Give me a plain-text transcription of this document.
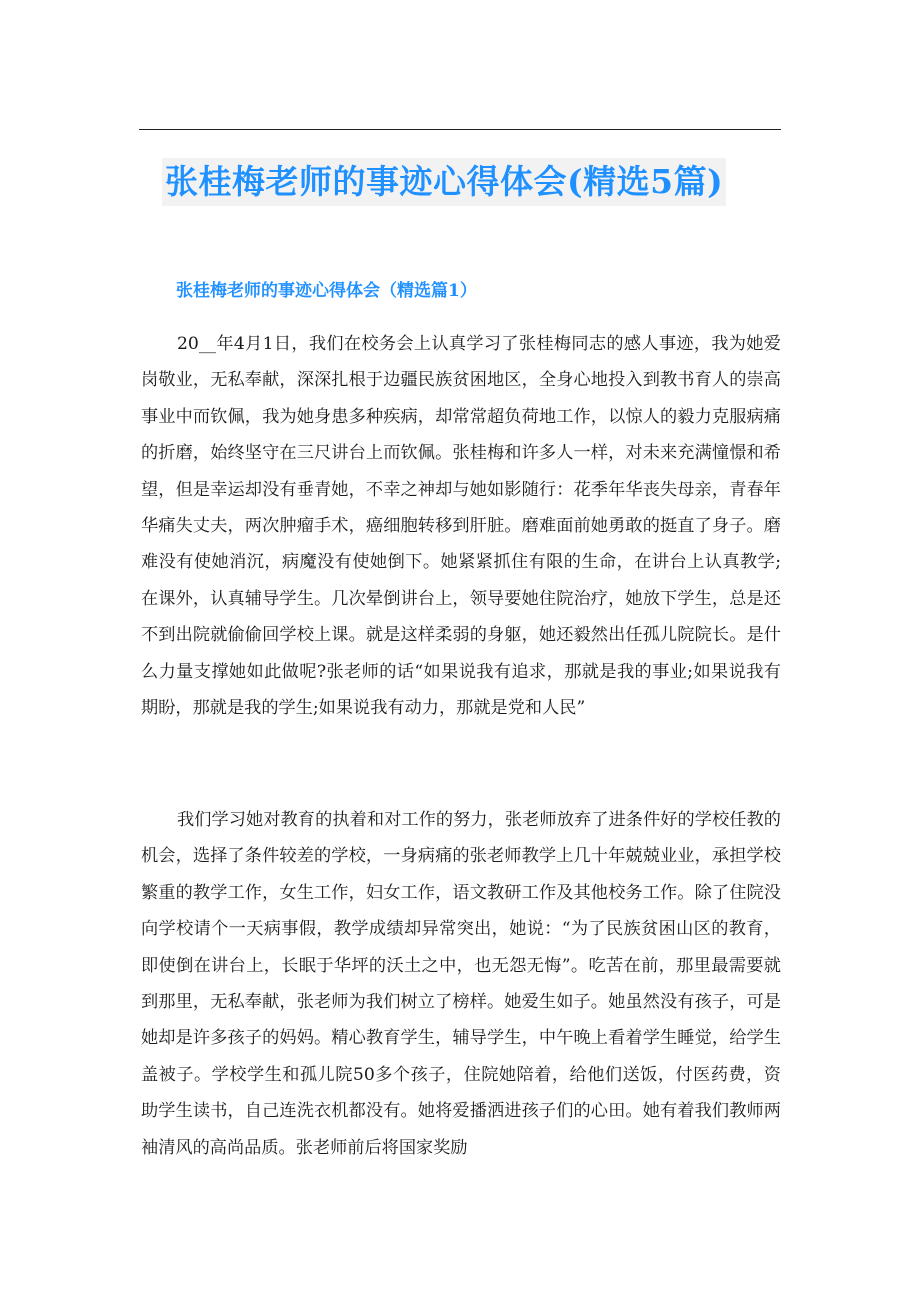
张桂梅老师的事迹心得体会(精选5篇)
张桂梅老师的事迹心得体会（精选篇1）

20__年4月1日，我们在校务会上认真学习了张桂梅同志的感人事迹，我为她爱岗敬业，无私奉献，深深扎根于边疆民族贫困地区，全身心地投入到教书育人的崇高事业中而钦佩，我为她身患多种疾病，却常常超负荷地工作，以惊人的毅力克服病痛的折磨，始终坚守在三尺讲台上而钦佩。张桂梅和许多人一样，对未来充满憧憬和希望，但是幸运却没有垂青她，不幸之神却与她如影随行：花季年华丧失母亲，青春年华痛失丈夫，两次肿瘤手术，癌细胞转移到肝脏。磨难面前她勇敢的挺直了身子。磨难没有使她消沉，病魔没有使她倒下。她紧紧抓住有限的生命，在讲台上认真教学;在课外，认真辅导学生。几次晕倒讲台上，领导要她住院治疗，她放下学生，总是还不到出院就偷偷回学校上课。就是这样柔弱的身躯，她还毅然出任孤儿院院长。是什么力量支撑她如此做呢?张老师的话“如果说我有追求，那就是我的事业;如果说我有期盼，那就是我的学生;如果说我有动力，那就是党和人民”

我们学习她对教育的执着和对工作的努力，张老师放弃了进条件好的学校任教的机会，选择了条件较差的学校，一身病痛的张老师教学上几十年兢兢业业，承担学校繁重的教学工作，女生工作，妇女工作，语文教研工作及其他校务工作。除了住院没向学校请个一天病事假，教学成绩却异常突出，她说：“为了民族贫困山区的教育，即使倒在讲台上，长眠于华坪的沃土之中，也无怨无悔”。吃苦在前，那里最需要就到那里，无私奉献，张老师为我们树立了榜样。她爱生如子。她虽然没有孩子，可是她却是许多孩子的妈妈。精心教育学生，辅导学生，中午晚上看着学生睡觉，给学生盖被子。学校学生和孤儿院50多个孩子，住院她陪着，给他们送饭，付医药费，资助学生读书，自己连洗衣机都没有。她将爱播洒进孩子们的心田。她有着我们教师两袖清风的高尚品质。张老师前后将国家奖励
